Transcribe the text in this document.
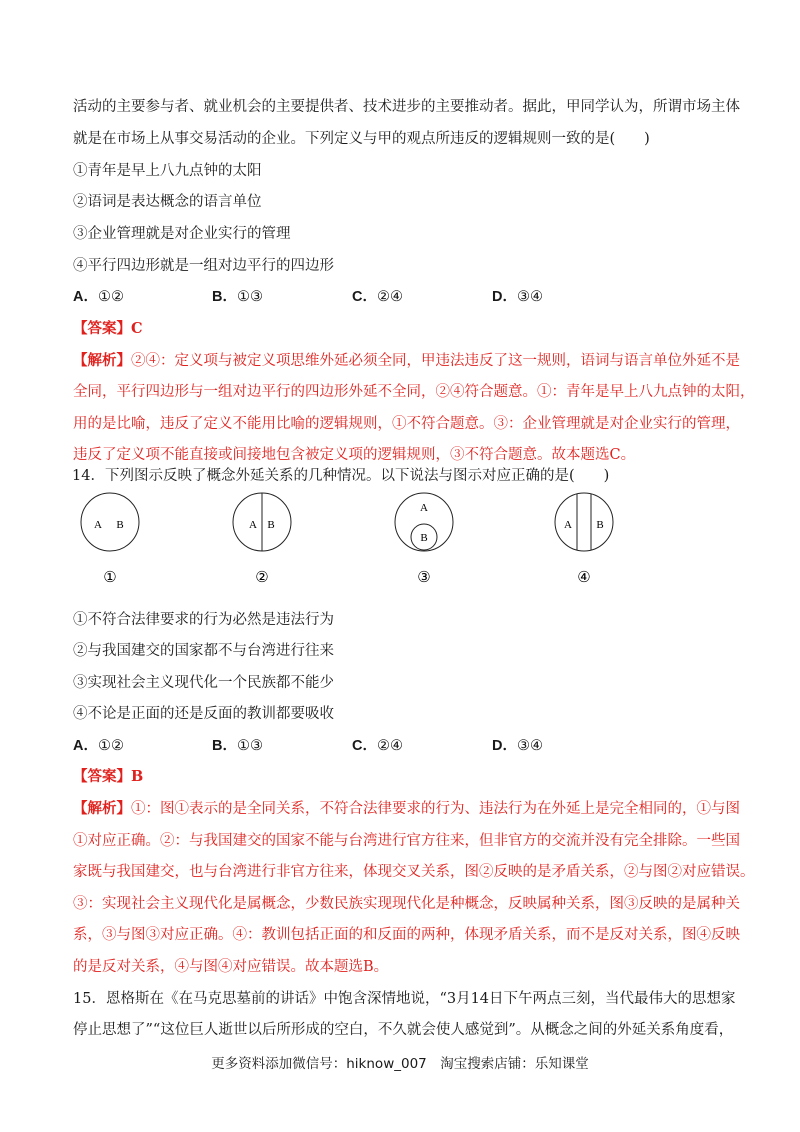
活动的主要参与者、就业机会的主要提供者、技术进步的主要推动者。据此，甲同学认为，所谓市场主体
就是在市场上从事交易活动的企业。下列定义与甲的观点所违反的逻辑规则一致的是(　　)
①青年是早上八九点钟的太阳
②语词是表达概念的语言单位
③企业管理就是对企业实行的管理
④平行四边形就是一组对边平行的四边形
A．①②	B．①③	C．②④	D．③④
【答案】C
【解析】②④：定义项与被定义项思维外延必须全同，甲违法违反了这一规则，语词与语言单位外延不是
全同，平行四边形与一组对边平行的四边形外延不全同，②④符合题意。①：青年是早上八九点钟的太阳，
用的是比喻，违反了定义不能用比喻的逻辑规则，①不符合题意。③：企业管理就是对企业实行的管理，
违反了定义项不能直接或间接地包含被定义项的逻辑规则，③不符合题意。故本题选C。
14．下列图示反映了概念外延关系的几种情况。以下说法与图示对应正确的是(　　)
A B
①
A B
②
A
B
③
A B
④
①不符合法律要求的行为必然是违法行为
②与我国建交的国家都不与台湾进行往来
③实现社会主义现代化一个民族都不能少
④不论是正面的还是反面的教训都要吸收
A．①②	B．①③	C．②④	D．③④
【答案】B
【解析】①：图①表示的是全同关系，不符合法律要求的行为、违法行为在外延上是完全相同的，①与图
①对应正确。②：与我国建交的国家不能与台湾进行官方往来，但非官方的交流并没有完全排除。一些国
家既与我国建交，也与台湾进行非官方往来，体现交叉关系，图②反映的是矛盾关系，②与图②对应错误。
③：实现社会主义现代化是属概念，少数民族实现现代化是种概念，反映属种关系，图③反映的是属种关
系，③与图③对应正确。④：教训包括正面的和反面的两种，体现矛盾关系，而不是反对关系，图④反映
的是反对关系，④与图④对应错误。故本题选B。
15．恩格斯在《在马克思墓前的讲话》中饱含深情地说，“3月14日下午两点三刻，当代最伟大的思想家
停止思想了”“这位巨人逝世以后所形成的空白，不久就会使人感觉到”。从概念之间的外延关系角度看，
更多资料添加微信号：hiknow_007　淘宝搜索店铺：乐知课堂
